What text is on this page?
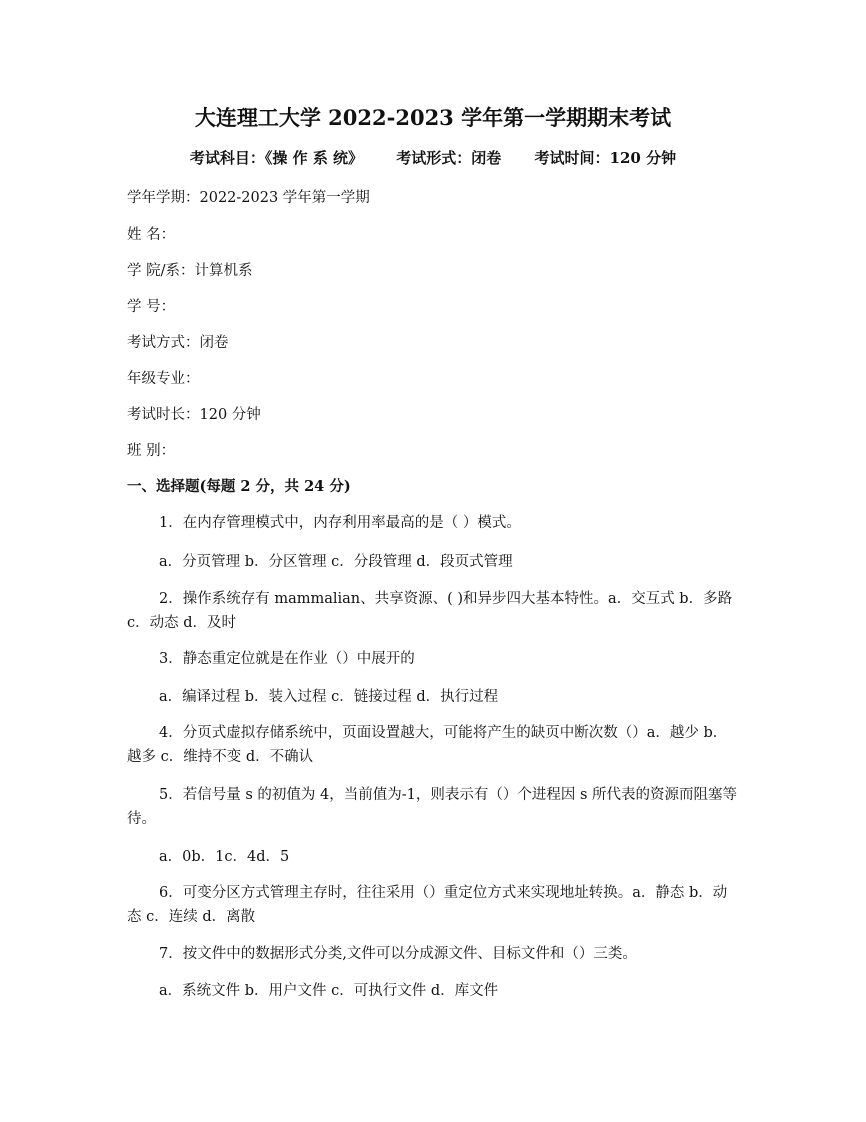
大连理工大学 2022-2023 学年第一学期期末考试
考试科目：《操 作 系 统》 考试形式：闭卷 考试时间：120 分钟
学年学期：2022-2023 学年第一学期
姓 名：
学 院/系：计算机系
学 号：
考试方式：闭卷
年级专业：
考试时长：120 分钟
班 别：
一、选择题(每题 2 分，共 24 分)
1．在内存管理模式中，内存利用率最高的是（ ）模式。
a．分页管理 b．分区管理 c．分段管理 d．段页式管理
2．操作系统存有 mammalian、共享资源、( )和异步四大基本特性。a．交互式 b．多路 c．动态 d．及时
3．静态重定位就是在作业（）中展开的
a．编译过程 b．装入过程 c．链接过程 d．执行过程
4．分页式虚拟存储系统中，页面设置越大，可能将产生的缺页中断次数（）a．越少 b．越多 c．维持不变 d．不确认
5．若信号量 s 的初值为 4，当前值为-1，则表示有（）个进程因 s 所代表的资源而阻塞等待。
a．0b．1c．4d．5
6．可变分区方式管理主存时，往往采用（）重定位方式来实现地址转换。a．静态 b．动态 c．连续 d．离散
7．按文件中的数据形式分类,文件可以分成源文件、目标文件和（）三类。
a．系统文件 b．用户文件 c．可执行文件 d．库文件
